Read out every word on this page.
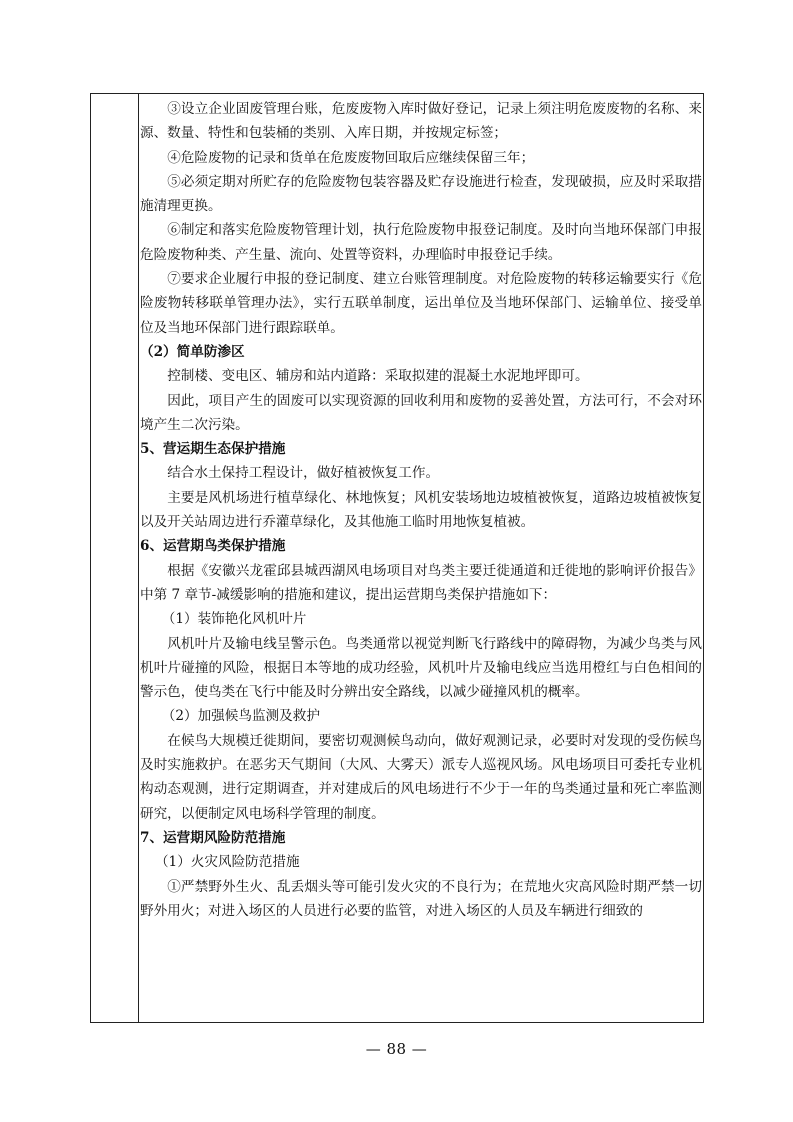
③设立企业固废管理台账，危废废物入库时做好登记，记录上须注明危废废物的名称、来源、数量、特性和包装桶的类别、入库日期，并按规定标签；

④危险废物的记录和货单在危废废物回取后应继续保留三年；

⑤必须定期对所贮存的危险废物包装容器及贮存设施进行检查，发现破损，应及时采取措施清理更换。

⑥制定和落实危险废物管理计划，执行危险废物申报登记制度。及时向当地环保部门申报危险废物种类、产生量、流向、处置等资料，办理临时申报登记手续。

⑦要求企业履行申报的登记制度、建立台账管理制度。对危险废物的转移运输要实行《危险废物转移联单管理办法》，实行五联单制度，运出单位及当地环保部门、运输单位、接受单位及当地环保部门进行跟踪联单。

（2）简单防渗区

控制楼、变电区、辅房和站内道路：采取拟建的混凝土水泥地坪即可。

因此，项目产生的固废可以实现资源的回收利用和废物的妥善处置，方法可行，不会对环境产生二次污染。

5、营运期生态保护措施

结合水土保持工程设计，做好植被恢复工作。

主要是风机场进行植草绿化、林地恢复；风机安装场地边坡植被恢复，道路边坡植被恢复以及开关站周边进行乔灌草绿化，及其他施工临时用地恢复植被。

6、运营期鸟类保护措施

根据《安徽兴龙霍邱县城西湖风电场项目对鸟类主要迁徙通道和迁徙地的影响评价报告》中第 7 章节-减缓影响的措施和建议，提出运营期鸟类保护措施如下：

（1）装饰艳化风机叶片

风机叶片及输电线呈警示色。鸟类通常以视觉判断飞行路线中的障碍物，为减少鸟类与风机叶片碰撞的风险，根据日本等地的成功经验，风机叶片及输电线应当选用橙红与白色相间的警示色，使鸟类在飞行中能及时分辨出安全路线，以减少碰撞风机的概率。

（2）加强候鸟监测及救护

在候鸟大规模迁徙期间，要密切观测候鸟动向，做好观测记录，必要时对发现的受伤候鸟及时实施救护。在恶劣天气期间（大风、大雾天）派专人巡视风场。风电场项目可委托专业机构动态观测，进行定期调查，并对建成后的风电场进行不少于一年的鸟类通过量和死亡率监测研究，以便制定风电场科学管理的制度。

7、运营期风险防范措施

（1）火灾风险防范措施

①严禁野外生火、乱丢烟头等可能引发火灾的不良行为；在荒地火灾高风险时期严禁一切野外用火；对进入场区的人员进行必要的监管，对进入场区的人员及车辆进行细致的

— 88 —
